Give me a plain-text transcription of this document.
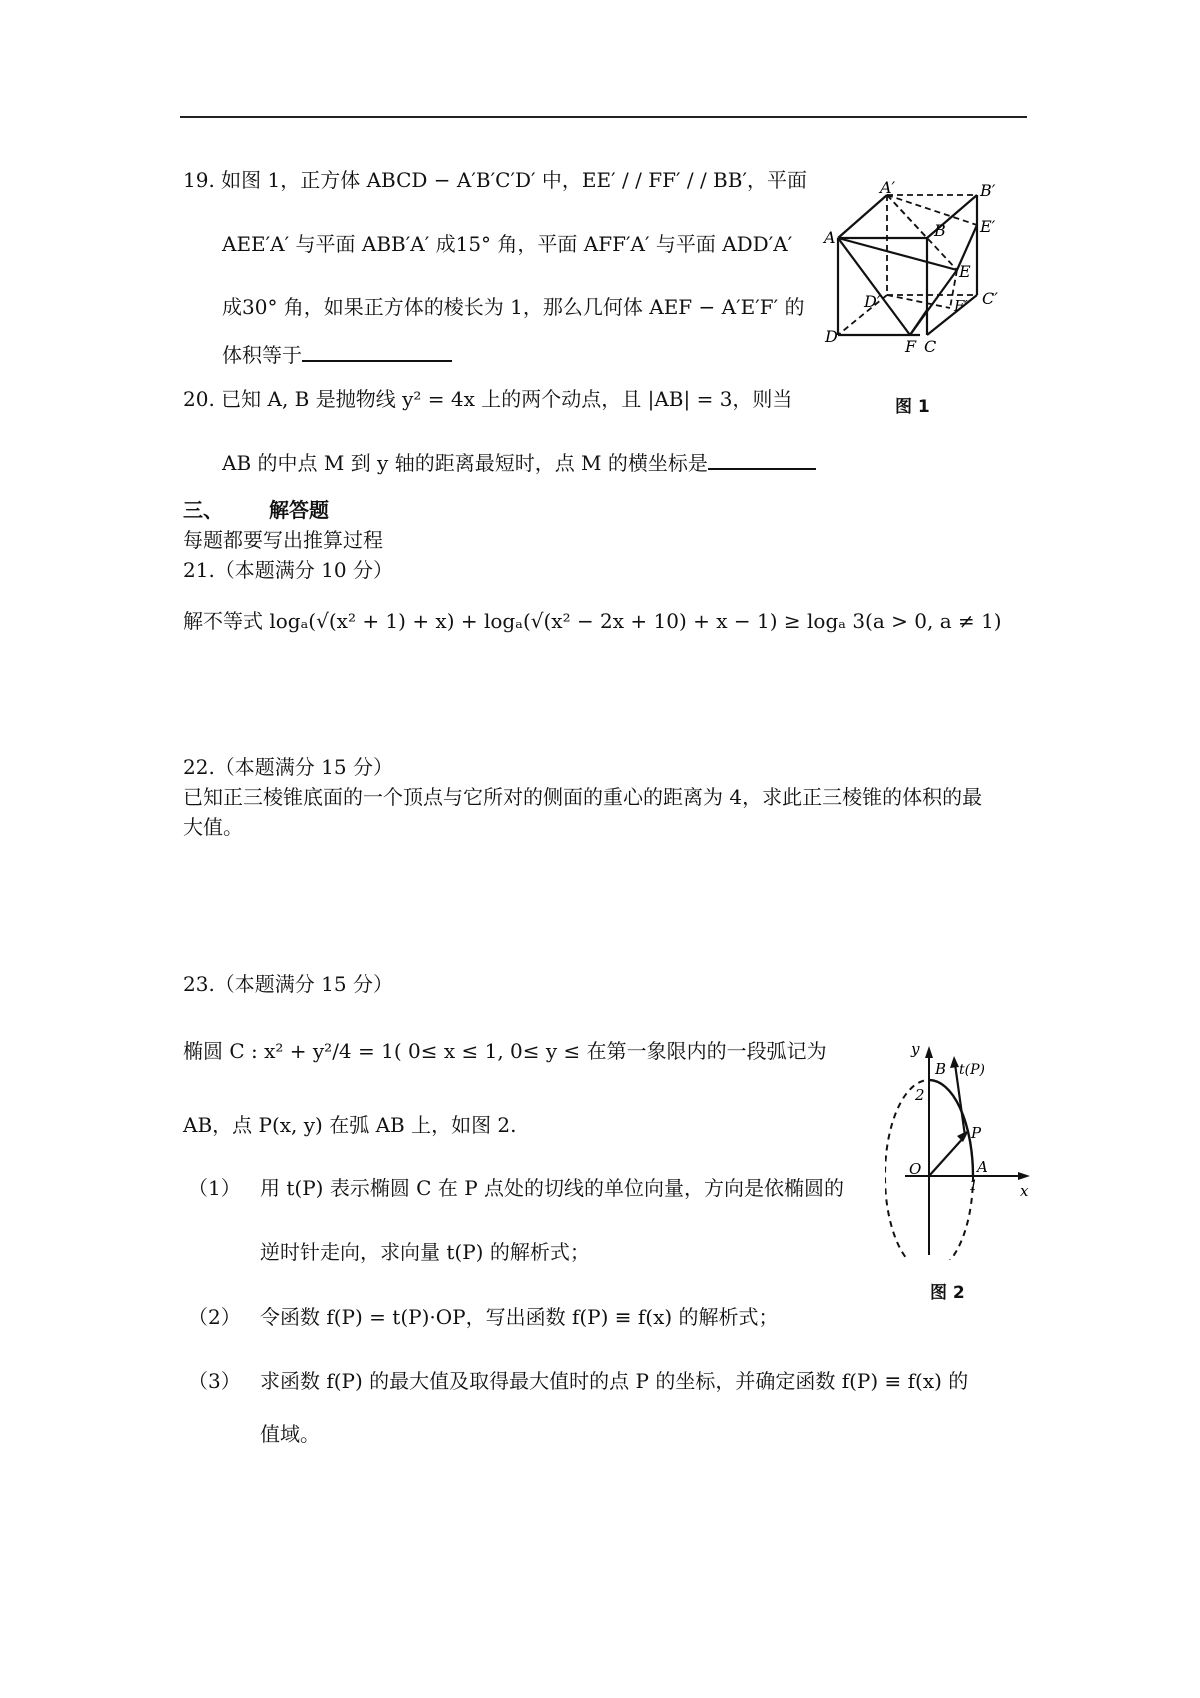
19. 如图 1，正方体 ABCD − A′B′C′D′ 中，EE′ / / FF′ / / BB′，平面
AEE′A′ 与平面 ABB′A′ 成15° 角，平面 AFF′A′ 与平面 ADD′A′
成30° 角，如果正方体的棱长为 1，那么几何体 AEF − A′E′F′ 的
体积等于
A′	B′
A	B E′
E
D′	C′
F′
D
F C
图 1
20. 已知 A, B 是抛物线 y² = 4x 上的两个动点，且 |AB| = 3，则当
AB 的中点 M 到 y 轴的距离最短时，点 M 的横坐标是
三、 解答题
每题都要写出推算过程
21.（本题满分 10 分）
解不等式 logₐ(√(x² + 1) + x) + logₐ(√(x² − 2x + 10) + x − 1) ≥ logₐ 3(a > 0, a ≠ 1)
22.（本题满分 15 分）
已知正三棱锥底面的一个顶点与它所对的侧面的重心的距离为 4，求此正三棱锥的体积的最
大值。
23.（本题满分 15 分）
椭圆 C : x² + y²/4 = 1( 0≤ x ≤ 1, 0≤ y ≤ 在第一象限内的一段弧记为
AB，点 P(x, y) 在弧 AB 上，如图 2.
（1） 用 t(P) 表示椭圆 C 在 P 点处的切线的单位向量，方向是依椭圆的
逆时针走向，求向量 t(P) 的解析式；
（2） 令函数 f(P) = t(P)·OP，写出函数 f(P) ≡ f(x) 的解析式；
（3） 求函数 f(P) 的最大值及取得最大值时的点 P 的坐标，并确定函数 f(P) ≡ f(x) 的
值域。
y
2
B t(P)
P
O	A
1	x
图 2
